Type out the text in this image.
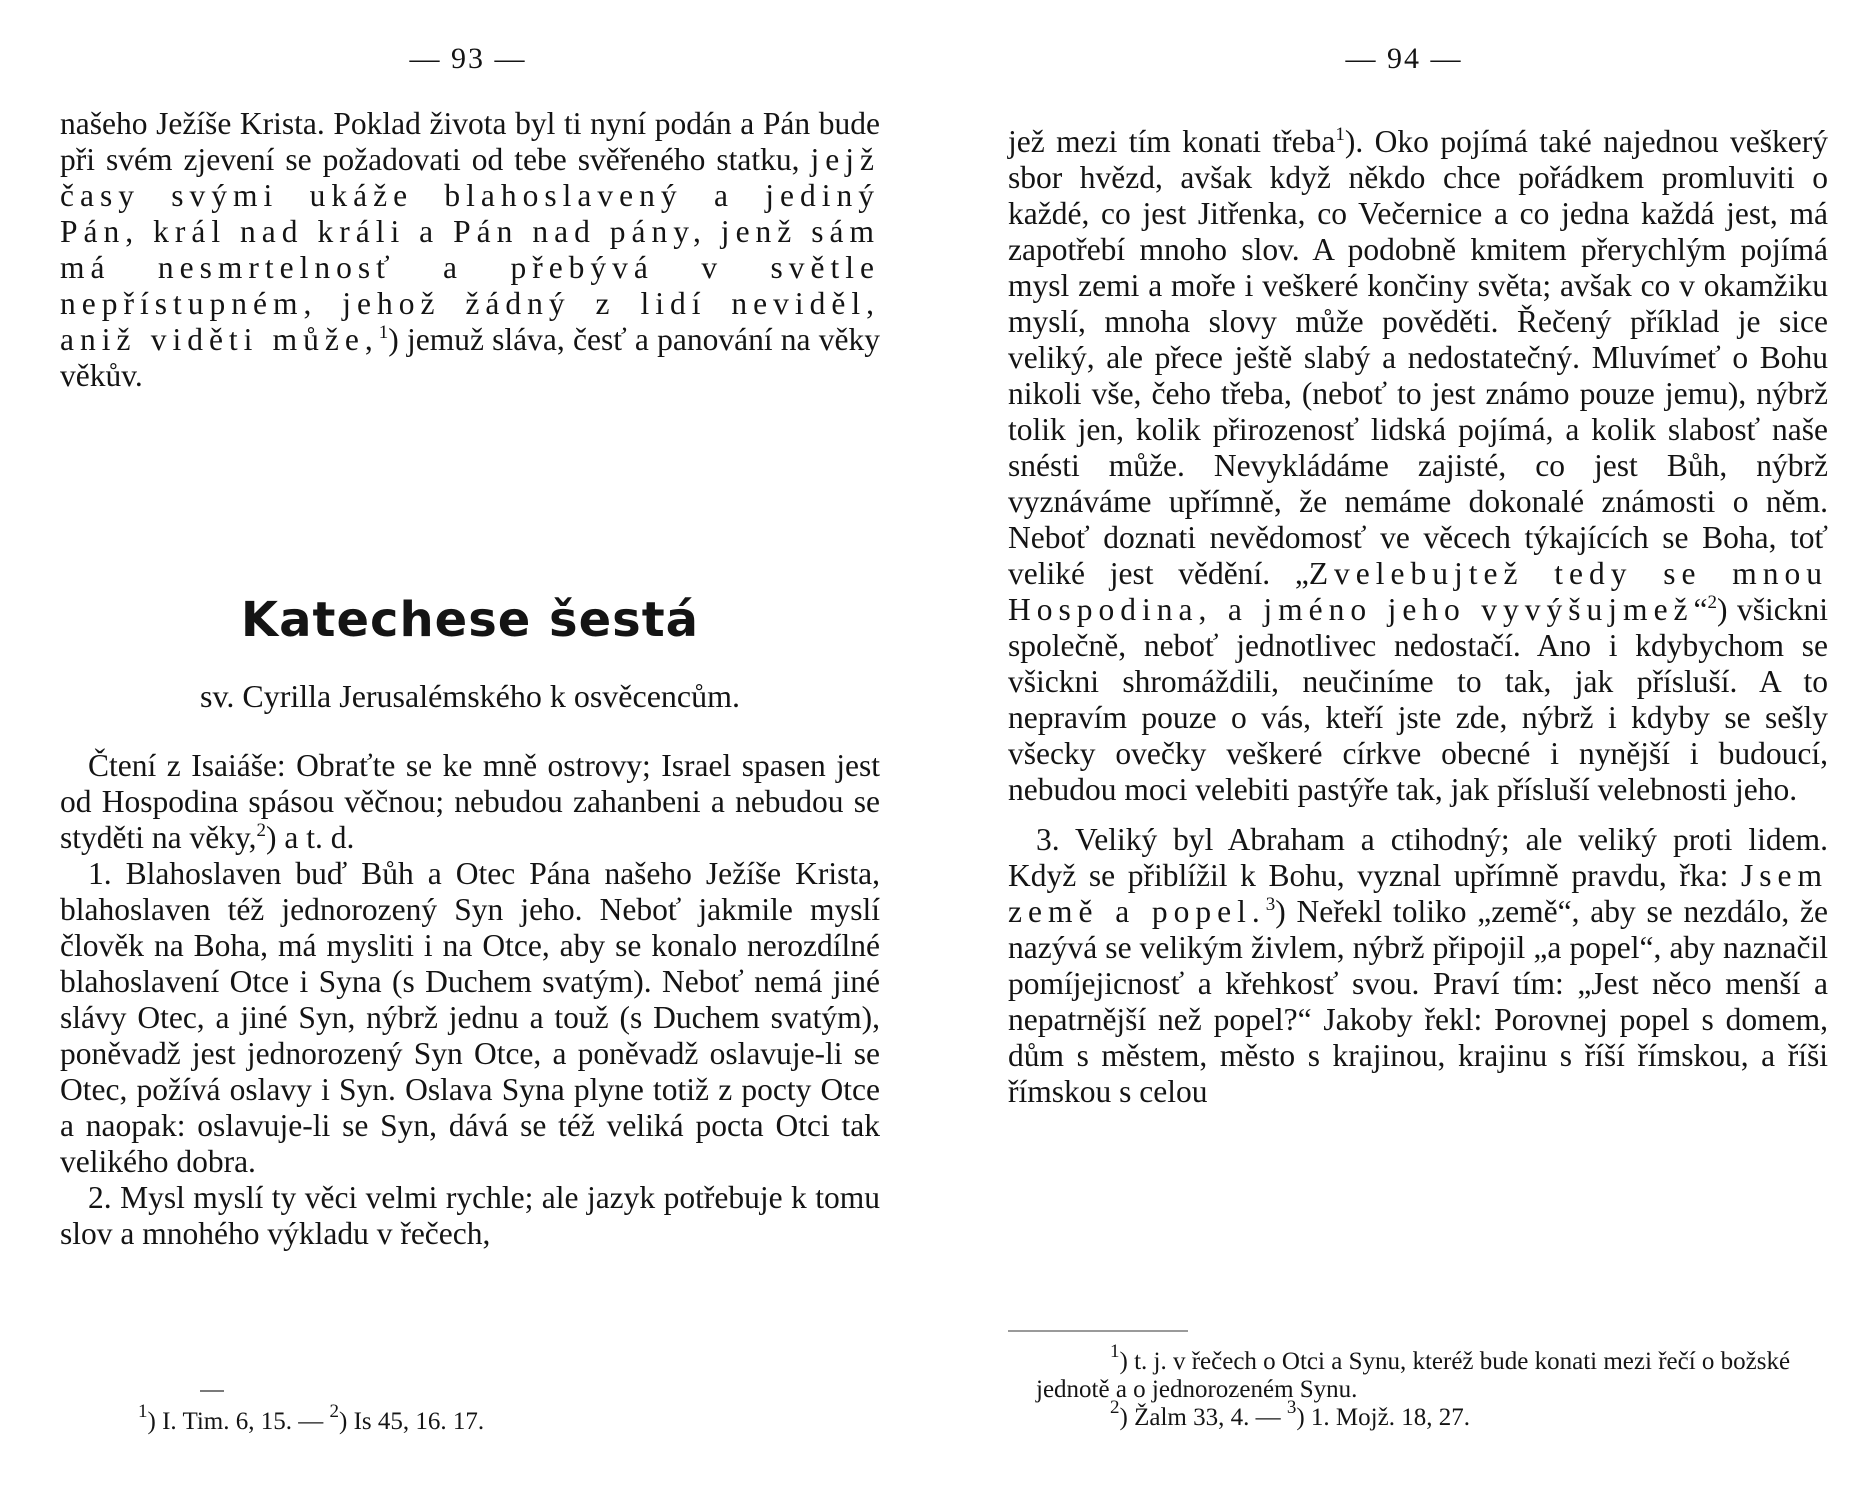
— 93 —

našeho Ježíše Krista. Poklad života byl ti nyní podán a Pán bude při svém zjevení se požadovati od tebe svěřeného statku, jejž časy svými ukáže blahoslavený a jediný Pán, král nad králi a Pán nad pány, jenž sám má nesmrtelnosť a přebývá v světle nepřístupném, jehož žádný z lidí neviděl, aniž viděti může,$^1$) jemuž sláva, česť a panování na věky věkův.

Katechese šestá
sv. Cyrilla Jerusalémského k osvěcencům.

Čtení z Isaiáše: Obraťte se ke mně ostrovy; Israel spasen jest od Hospodina spásou věčnou; nebudou zahanbeni a nebudou se styděti na věky,$^2$) a t. d.

1. Blahoslaven buď Bůh a Otec Pána našeho Ježíše Krista, blahoslaven též jednorozený Syn jeho. Neboť jakmile myslí člověk na Boha, má mysliti i na Otce, aby se konalo nerozdílné blahoslavení Otce i Syna (s Duchem svatým). Neboť nemá jiné slávy Otec, a jiné Syn, nýbrž jednu a touž (s Duchem svatým), poněvadž jest jednorozený Syn Otce, a poněvadž oslavuje-li se Otec, požívá oslavy i Syn. Oslava Syna plyne totiž z pocty Otce a naopak: oslavuje-li se Syn, dává se též veliká pocta Otci tak velikého dobra.

2. Mysl myslí ty věci velmi rychle; ale jazyk potřebuje k tomu slov a mnohého výkladu v řečech,

$^1$) I. Tim. 6, 15. — $^2$) Is 45, 16. 17.
— 94 —

jež mezi tím konati třeba$^1$). Oko pojímá také najednou veškerý sbor hvězd, avšak když někdo chce pořádkem promluviti o každé, co jest Jitřenka, co Večernice a co jedna každá jest, má zapotřebí mnoho slov. A podobně kmitem přerychlým pojímá mysl zemi a moře i veškeré končiny světa; avšak co v okamžiku myslí, mnoha slovy může pověděti. Řečený příklad je sice veliký, ale přece ještě slabý a nedostatečný. Mluvímeť o Bohu nikoli vše, čeho třeba, (neboť to jest známo pouze jemu), nýbrž tolik jen, kolik přirozenosť lidská pojímá, a kolik slabosť naše snésti může. Nevykládáme zajisté, co jest Bůh, nýbrž vyznáváme upřímně, že nemáme dokonalé známosti o něm. Neboť doznati nevědomosť ve věcech týkajících se Boha, toť veliké jest vědění. „Zvelebujtež tedy se mnou Hospodina, a jméno jeho vyvýšujmež“$^2$) všickni společně, neboť jednotlivec nedostačí. Ano i kdybychom se všickni shromáždili, neučiníme to tak, jak přísluší. A to nepravím pouze o vás, kteří jste zde, nýbrž i kdyby se sešly všecky ovečky veškeré církve obecné i nynější i budoucí, nebudou moci velebiti pastýře tak, jak přísluší velebnosti jeho.

3. Veliký byl Abraham a ctihodný; ale veliký proti lidem. Když se přiblížil k Bohu, vyznal upřímně pravdu, řka: Jsem země a popel.$^3$) Neřekl toliko „země“, aby se nezdálo, že nazývá se velikým živlem, nýbrž připojil „a popel“, aby naznačil pomíjejicnosť a křehkosť svou. Praví tím: „Jest něco menší a nepatrnější než popel?“ Jakoby řekl: Porovnej popel s domem, dům s městem, město s krajinou, krajinu s říší římskou, a říši římskou s celou

$^1$) t. j. v řečech o Otci a Synu, kteréž bude konati mezi řečí o božské jednotě a o jednorozeném Synu.

$^2$) Žalm 33, 4. — $^3$) 1. Mojž. 18, 27.
